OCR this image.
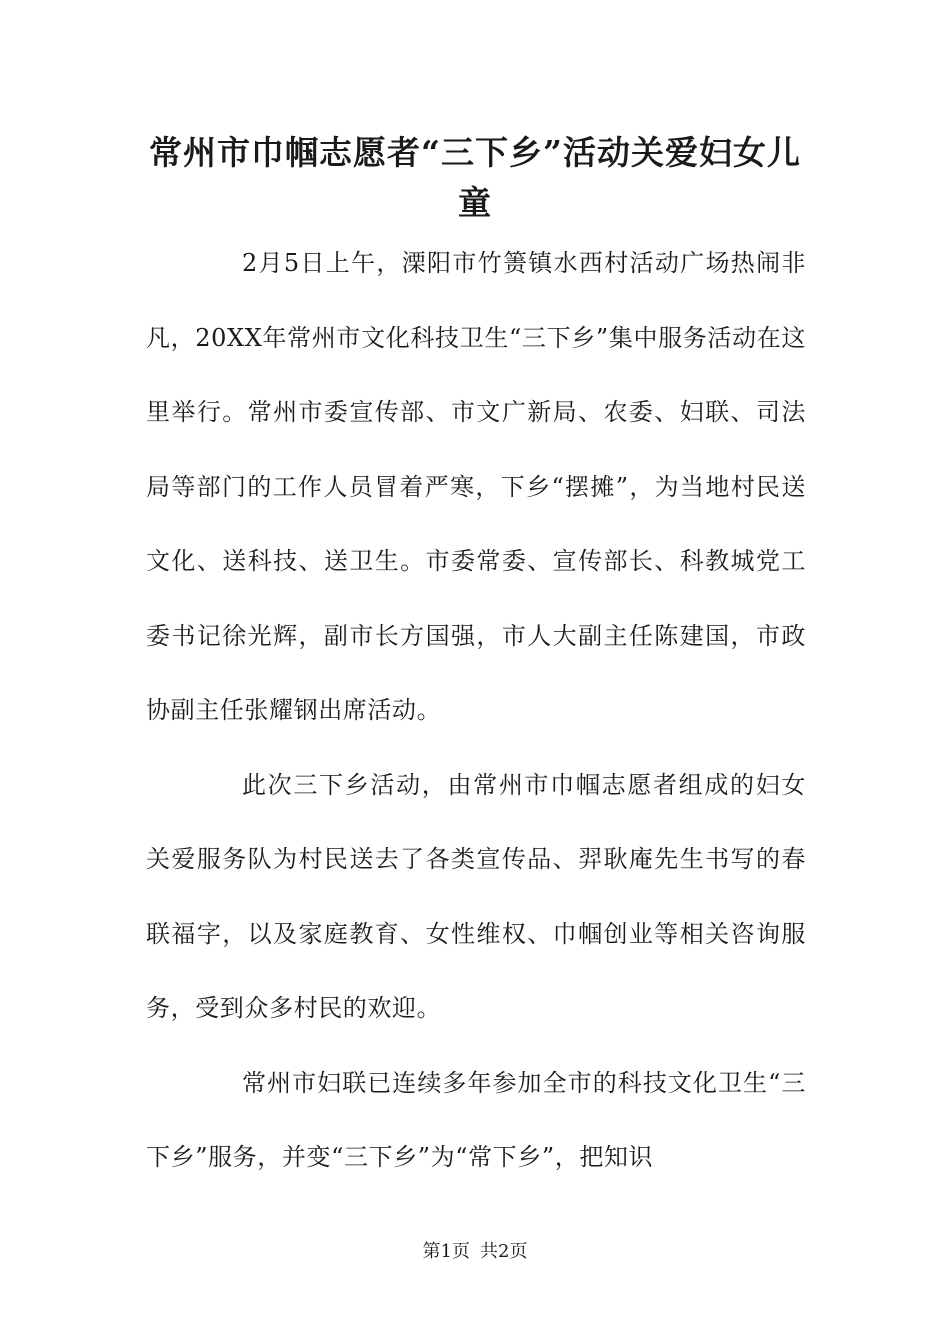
常州市巾帼志愿者“三下乡”活动关爱妇女儿童

2月5日上午，溧阳市竹箦镇水西村活动广场热闹非凡，20XX年常州市文化科技卫生“三下乡”集中服务活动在这里举行。常州市委宣传部、市文广新局、农委、妇联、司法局等部门的工作人员冒着严寒，下乡“摆摊”，为当地村民送文化、送科技、送卫生。市委常委、宣传部长、科教城党工委书记徐光辉，副市长方国强，市人大副主任陈建国，市政协副主任张耀钢出席活动。

此次三下乡活动，由常州市巾帼志愿者组成的妇女关爱服务队为村民送去了各类宣传品、羿耿庵先生书写的春联福字，以及家庭教育、女性维权、巾帼创业等相关咨询服务，受到众多村民的欢迎。

常州市妇联已连续多年参加全市的科技文化卫生“三下乡”服务，并变“三下乡”为“常下乡”，把知识

第1页 共2页
